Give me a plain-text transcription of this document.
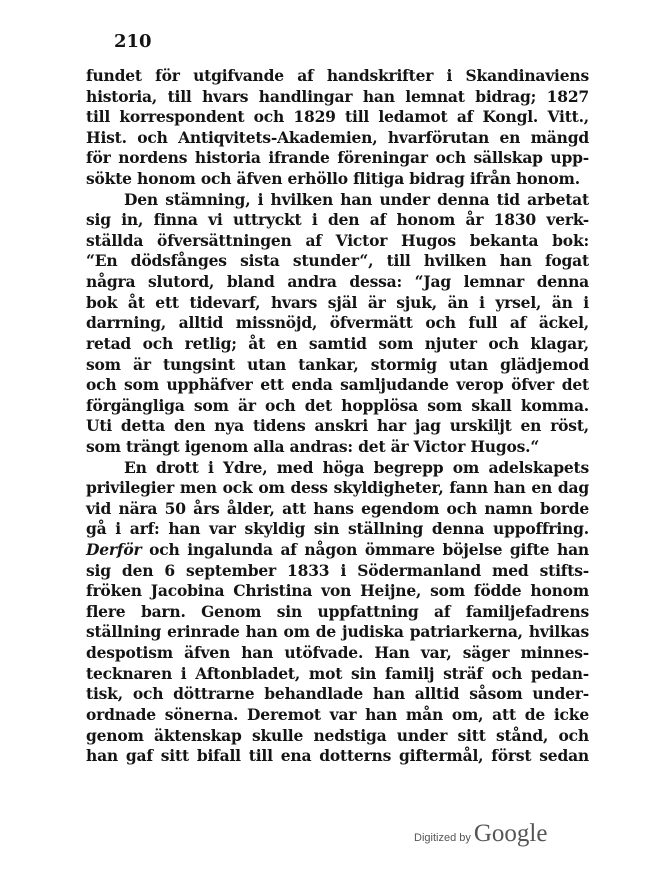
210
fundet för utgifvande af handskrifter i Skandinaviens
historia, till hvars handlingar han lemnat bidrag; 1827
till korrespondent och 1829 till ledamot af Kongl. Vitt.,
Hist. och Antiqvitets-Akademien, hvarförutan en mängd
för nordens historia ifrande föreningar och sällskap upp-
sökte honom och äfven erhöllo flitiga bidrag ifrån honom.
Den stämning, i hvilken han under denna tid arbetat
sig in, finna vi uttryckt i den af honom år 1830 verk-
ställda öfversättningen af Victor Hugos bekanta bok:
“En dödsfånges sista stunder“, till hvilken han fogat
några slutord, bland andra dessa: “Jag lemnar denna
bok åt ett tidevarf, hvars själ är sjuk, än i yrsel, än i
darrning, alltid missnöjd, öfvermätt och full af äckel,
retad och retlig; åt en samtid som njuter och klagar,
som är tungsint utan tankar, stormig utan glädjemod
och som upphäfver ett enda samljudande verop öfver det
förgängliga som är och det hopplösa som skall komma.
Uti detta den nya tidens anskri har jag urskiljt en röst,
som trängt igenom alla andras: det är Victor Hugos.“
En drott i Ydre, med höga begrepp om adelskapets
privilegier men ock om dess skyldigheter, fann han en dag
vid nära 50 års ålder, att hans egendom och namn borde
gå i arf: han var skyldig sin ställning denna uppoffring.
Derför och ingalunda af någon ömmare böjelse gifte han
sig den 6 september 1833 i Södermanland med stifts-
fröken Jacobina Christina von Heijne, som födde honom
flere barn. Genom sin uppfattning af familjefadrens
ställning erinrade han om de judiska patriarkerna, hvilkas
despotism äfven han utöfvade. Han var, säger minnes-
tecknaren i Aftonbladet, mot sin familj sträf och pedan-
tisk, och döttrarne behandlade han alltid såsom under-
ordnade sönerna. Deremot var han mån om, att de icke
genom äktenskap skulle nedstiga under sitt stånd, och
han gaf sitt bifall till ena dotterns giftermål, först sedan
Digitized by Google
